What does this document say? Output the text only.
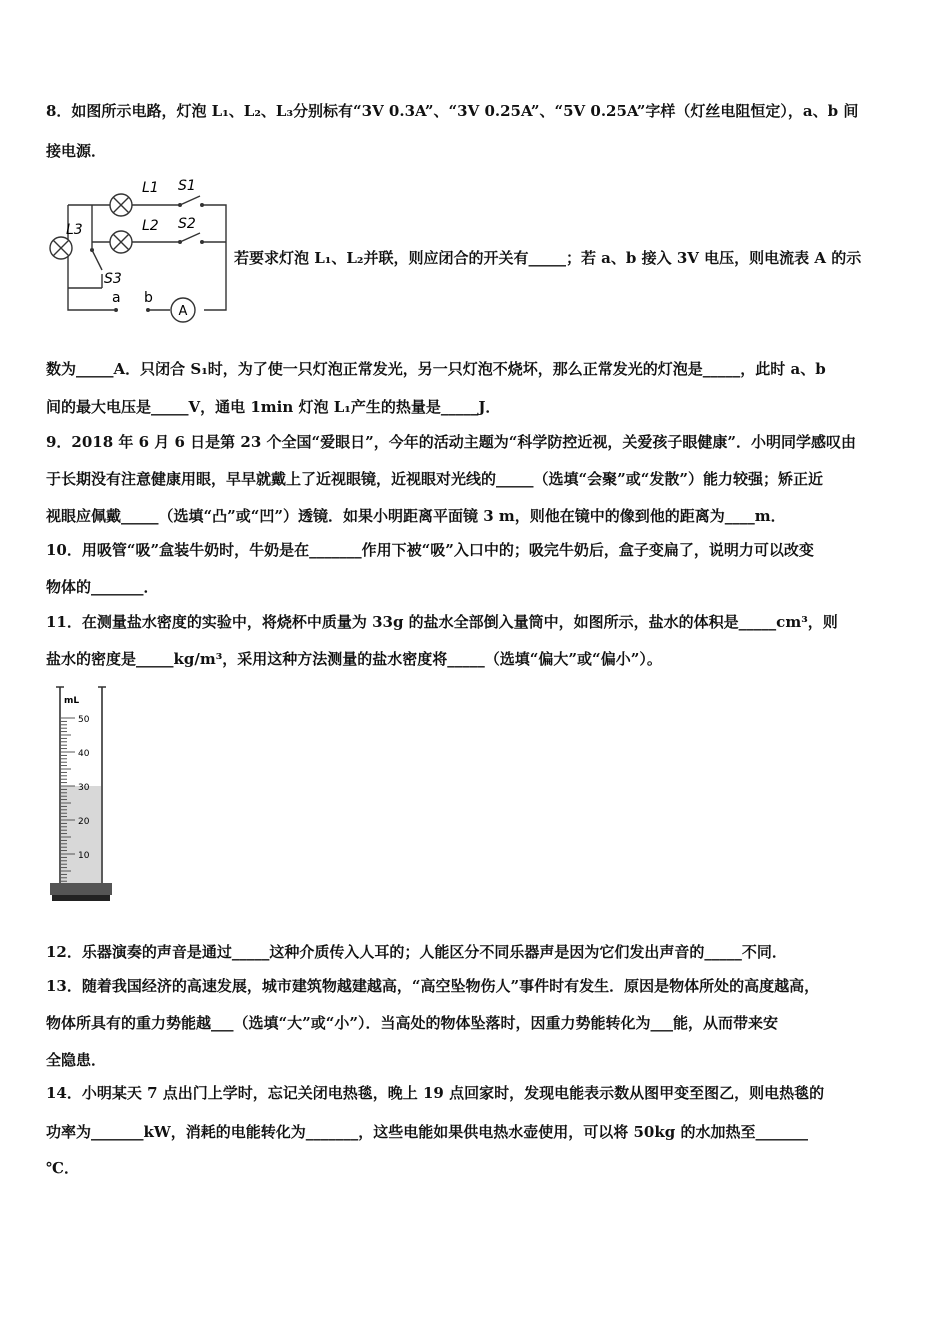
8．如图所示电路，灯泡 L₁、L₂、L₃分别标有“3V 0.3A”、“3V 0.25A”、“5V 0.25A”字样（灯丝电阻恒定），a、b 间
接电源．
A
L1
L2
L3
S1
S2
S3
a b
若要求灯泡 L₁、L₂并联，则应闭合的开关有_____；若 a、b 接入 3V 电压，则电流表 A 的示
数为_____A．只闭合 S₁时，为了使一只灯泡正常发光，另一只灯泡不烧坏，那么正常发光的灯泡是_____，此时 a、b
间的最大电压是_____V，通电 1min 灯泡 L₁产生的热量是_____J．
9．2018 年 6 月 6 日是第 23 个全国“爱眼日”，今年的活动主题为“科学防控近视，关爱孩子眼健康”．小明同学感叹由
于长期没有注意健康用眼，早早就戴上了近视眼镜，近视眼对光线的_____（选填“会聚”或“发散”）能力较强；矫正近
视眼应佩戴_____（选填“凸”或“凹”）透镜．如果小明距离平面镜 3 m，则他在镜中的像到他的距离为____m．
10．用吸管“吸”盒装牛奶时，牛奶是在_______作用下被“吸”入口中的；吸完牛奶后，盒子变扁了，说明力可以改变
物体的_______．
11．在测量盐水密度的实验中，将烧杯中质量为 33g 的盐水全部倒入量筒中，如图所示，盐水的体积是_____cm³，则
盐水的密度是_____kg/m³，采用这种方法测量的盐水密度将_____（选填“偏大”或“偏小”）。
mL
50
40
30
20
10
12．乐器演奏的声音是通过_____这种介质传入人耳的；人能区分不同乐器声是因为它们发出声音的_____不同．
13．随着我国经济的高速发展，城市建筑物越建越高，“高空坠物伤人”事件时有发生．原因是物体所处的高度越高，
物体所具有的重力势能越___（选填“大”或“小”）．当高处的物体坠落时，因重力势能转化为___能，从而带来安
全隐患．
14．小明某天 7 点出门上学时，忘记关闭电热毯，晚上 19 点回家时，发现电能表示数从图甲变至图乙，则电热毯的
功率为_______kW，消耗的电能转化为_______，这些电能如果供电热水壶使用，可以将 50kg 的水加热至_______
℃．
